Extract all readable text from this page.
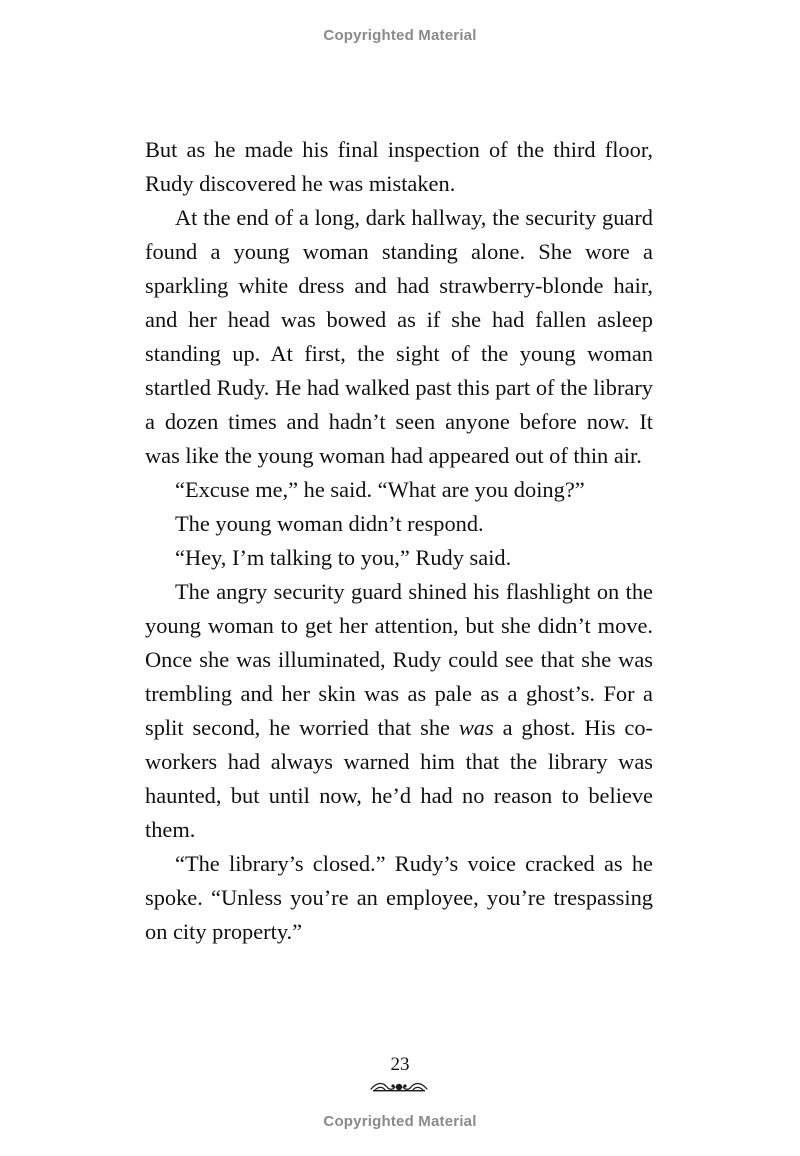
Copyrighted Material

But as he made his final inspection of the third floor, Rudy discovered he was mistaken.

At the end of a long, dark hallway, the security guard found a young woman standing alone. She wore a sparkling white dress and had strawberry-blonde hair, and her head was bowed as if she had fallen asleep standing up. At first, the sight of the young woman startled Rudy. He had walked past this part of the library a dozen times and hadn’t seen anyone before now. It was like the young woman had appeared out of thin air.

“Excuse me,” he said. “What are you doing?”

The young woman didn’t respond.

“Hey, I’m talking to you,” Rudy said.

The angry security guard shined his flashlight on the young woman to get her attention, but she didn’t move. Once she was illuminated, Rudy could see that she was trembling and her skin was as pale as a ghost’s. For a split second, he worried that she was a ghost. His co-workers had always warned him that the library was haunted, but until now, he’d had no reason to believe them.

“The library’s closed.” Rudy’s voice cracked as he spoke. “Unless you’re an employee, you’re trespassing on city property.”

23
Copyrighted Material
